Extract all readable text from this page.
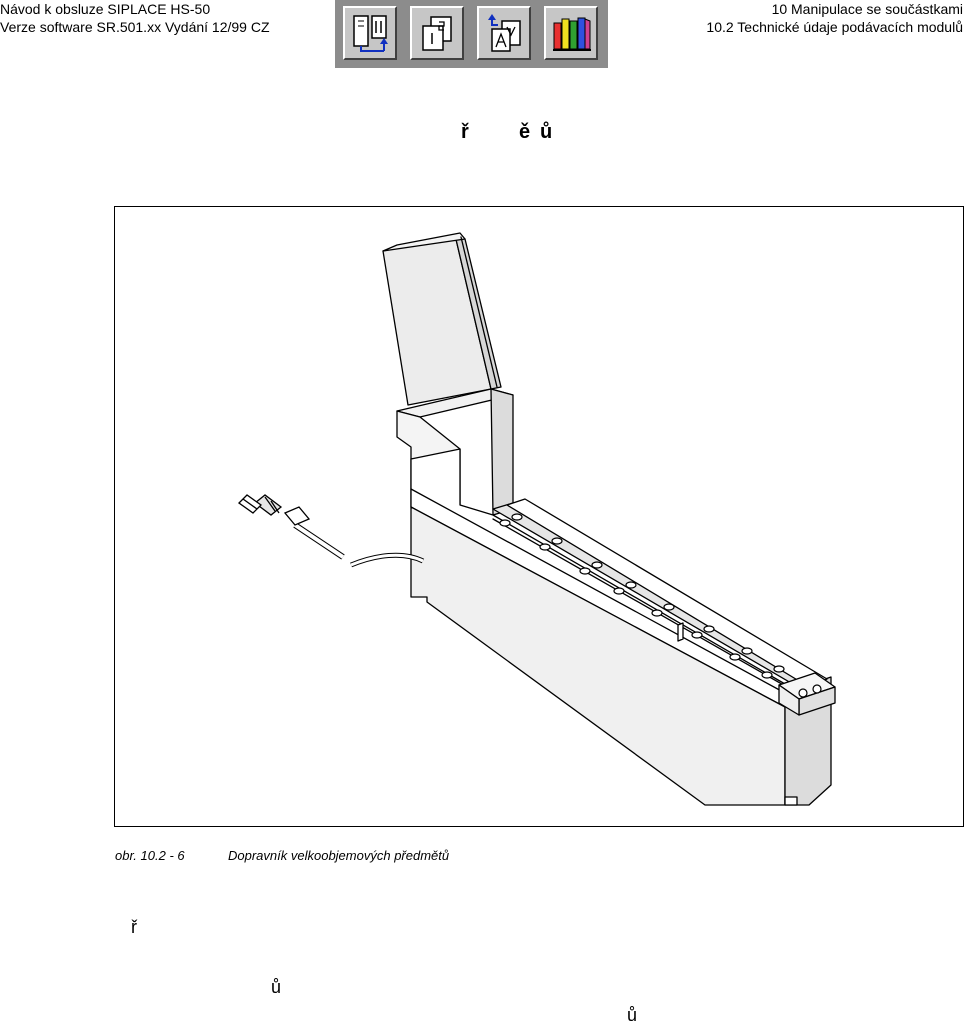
Návod k obsluze SIPLACE HS-50
Verze software SR.501.xx Vydání 12/99 CZ
10 Manipulace se součástkami
10.2 Technické údaje podávacích modulů
ř	ě ů
obr. 10.2 - 6	Dopravník velkoobjemových předmětů
ř
ů
ů
